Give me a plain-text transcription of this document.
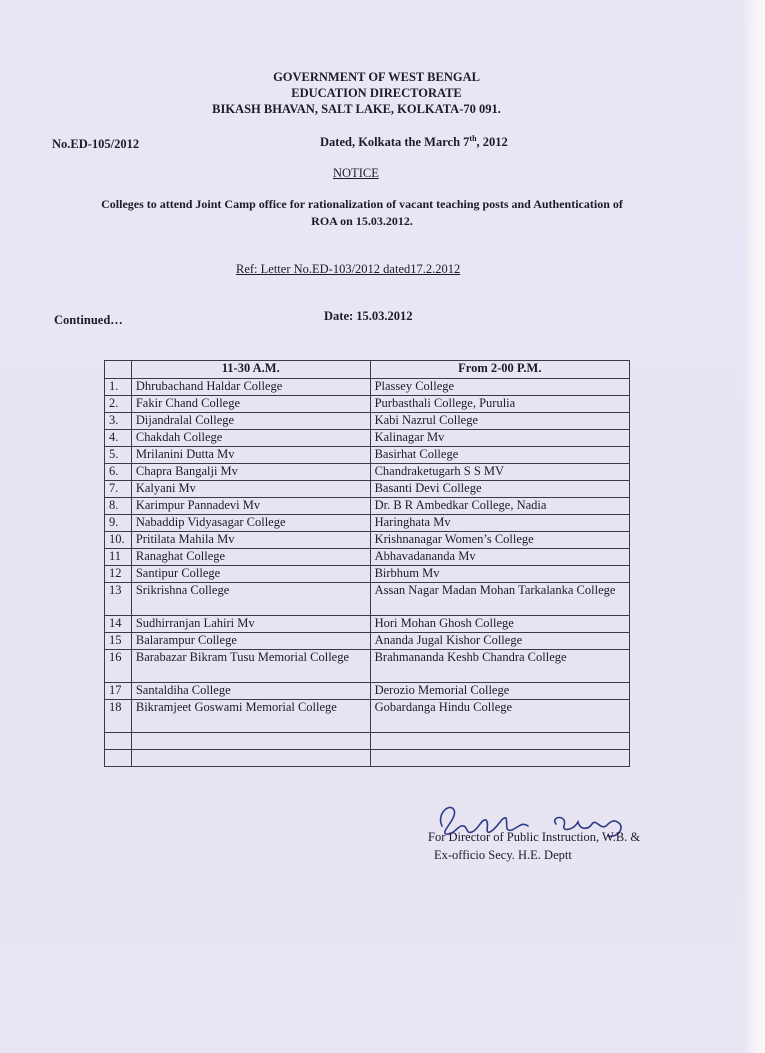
GOVERNMENT OF WEST BENGAL
EDUCATION DIRECTORATE
BIKASH BHAVAN, SALT LAKE, KOLKATA-70 091.
No.ED-105/2012	Dated, Kolkata the March 7th, 2012
NOTICE
Colleges to attend Joint Camp office for rationalization of vacant teaching posts and Authentication of
ROA on 15.03.2012.
Ref: Letter No.ED-103/2012 dated17.2.2012
Continued…	Date: 15.03.2012
	11-30 A.M.	From 2-00 P.M.
1.	Dhrubachand Haldar College	Plassey College
2.	Fakir Chand College	Purbasthali College, Purulia
3.	Dijandralal College	Kabi Nazrul College
4.	Chakdah College	Kalinagar Mv
5.	Mrilanini Dutta Mv	Basirhat College
6.	Chapra Bangalji Mv	Chandraketugarh S S MV
7.	Kalyani Mv	Basanti Devi College
8.	Karimpur Pannadevi Mv	Dr. B R Ambedkar College, Nadia
9.	Nabaddip Vidyasagar College	Haringhata Mv
10.	Pritilata Mahila Mv	Krishnanagar Women’s College
11	Ranaghat College	Abhavadananda Mv
12	Santipur College	Birbhum Mv
13	Srikrishna College	Assan Nagar Madan Mohan Tarkalanka College
14	Sudhirranjan Lahiri Mv	Hori Mohan Ghosh College
15	Balarampur College	Ananda Jugal Kishor College
16	Barabazar Bikram Tusu Memorial College	Brahmananda Keshb Chandra College
17	Santaldiha College	Derozio Memorial College
18	Bikramjeet Goswami Memorial College	Gobardanga Hindu College

For Director of Public Instruction, W.B. &
Ex-officio Secy. H.E. Deptt
